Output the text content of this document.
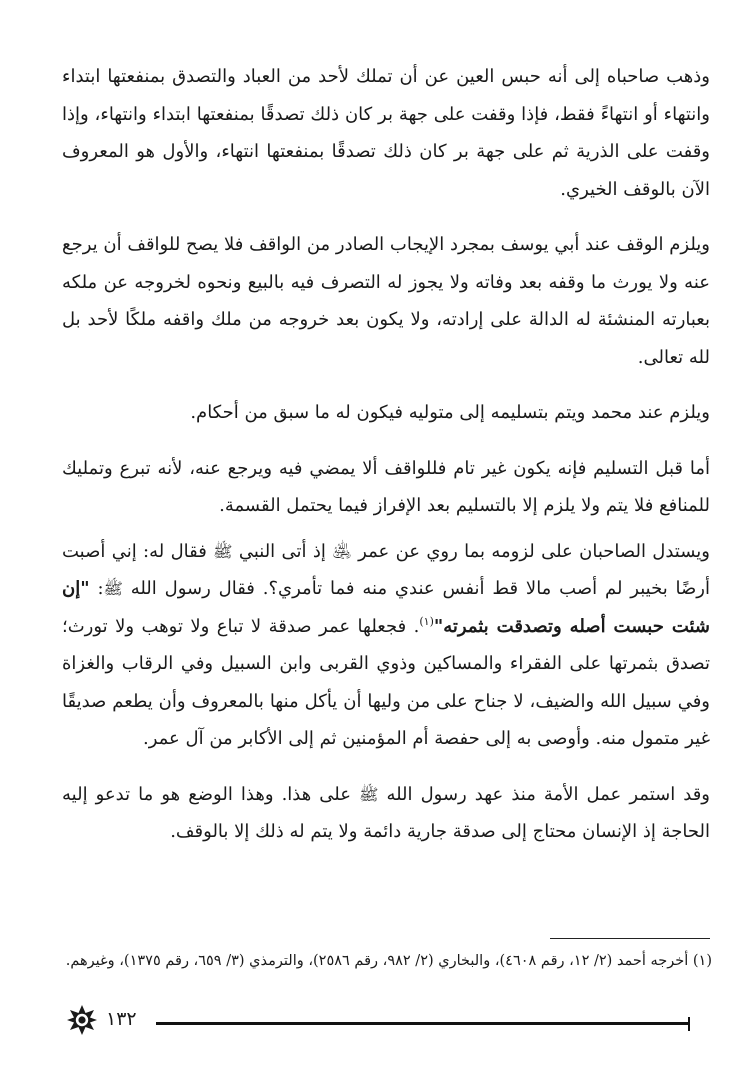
وذهب صاحباه إلى أنه حبس العين عن أن تملك لأحد من العباد والتصدق بمنفعتها ابتداء وانتهاء أو انتهاءً فقط، فإذا وقفت على جهة بر كان ذلك تصدقًا بمنفعتها ابتداء وانتهاء، وإذا وقفت على الذرية ثم على جهة بر كان ذلك تصدقًا بمنفعتها انتهاء، والأول هو المعروف الآن بالوقف الخيري.

ويلزم الوقف عند أبي يوسف بمجرد الإيجاب الصادر من الواقف فلا يصح للواقف أن يرجع عنه ولا يورث ما وقفه بعد وفاته ولا يجوز له التصرف فيه بالبيع ونحوه لخروجه عن ملكه بعبارته المنشئة له الدالة على إرادته، ولا يكون بعد خروجه من ملك واقفه ملكًا لأحد بل لله تعالى.

ويلزم عند محمد ويتم بتسليمه إلى متوليه فيكون له ما سبق من أحكام.

أما قبل التسليم فإنه يكون غير تام فللواقف ألا يمضي فيه ويرجع عنه، لأنه تبرع وتمليك للمنافع فلا يتم ولا يلزم إلا بالتسليم بعد الإفراز فيما يحتمل القسمة.

ويستدل الصاحبان على لزومه بما روي عن عمر ﵁ إذ أتى النبي ﷺ فقال له: إني أصبت أرضًا بخيبر لم أصب مالا قط أنفس عندي منه فما تأمري؟. فقال رسول الله ﷺ: "إن شئت حبست أصله وتصدقت بثمرته"$^{(١)}$. فجعلها عمر صدقة لا تباع ولا توهب ولا تورث؛ تصدق بثمرتها على الفقراء والمساكين وذوي القربى وابن السبيل وفي الرقاب والغزاة وفي سبيل الله والضيف، لا جناح على من وليها أن يأكل منها بالمعروف وأن يطعم صديقًا غير متمول منه. وأوصى به إلى حفصة أم المؤمنين ثم إلى الأكابر من آل عمر.

وقد استمر عمل الأمة منذ عهد رسول الله ﷺ على هذا. وهذا الوضع هو ما تدعو إليه الحاجة إذ الإنسان محتاج إلى صدقة جارية دائمة ولا يتم له ذلك إلا بالوقف.

(١) أخرجه أحمد (٢/ ١٢، رقم ٤٦٠٨)، والبخاري (٢/ ٩٨٢، رقم ٢٥٨٦)، والترمذي (٣/ ٦٥٩، رقم ١٣٧٥)، وغيرهم.

١٣٢
